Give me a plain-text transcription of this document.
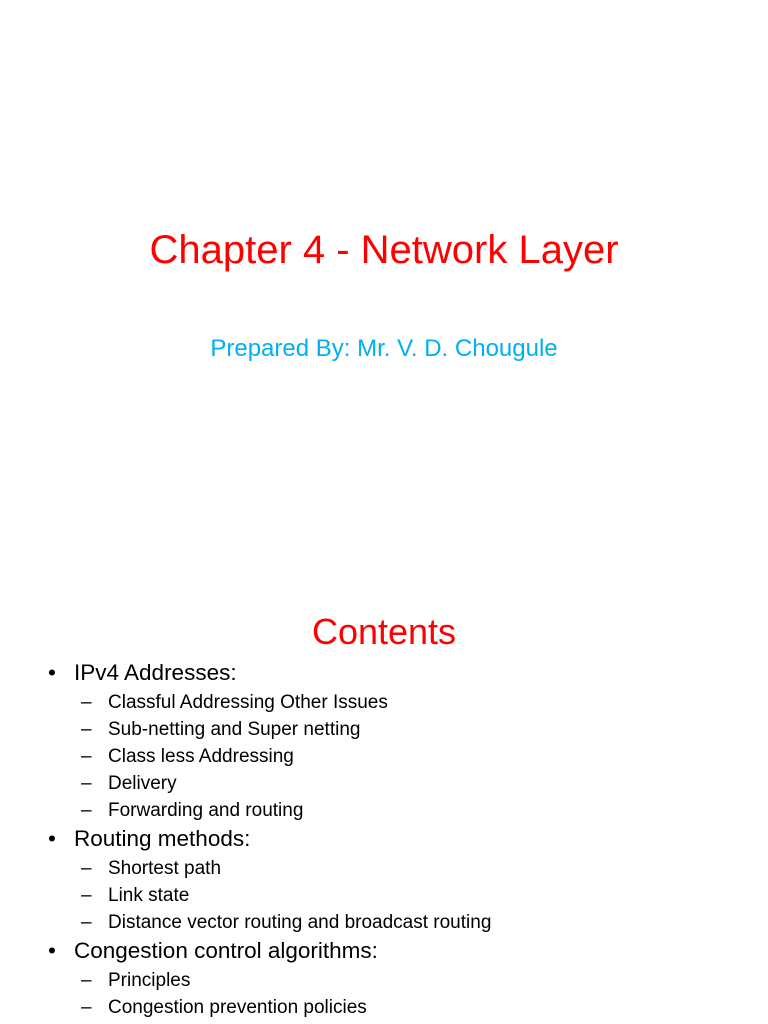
Chapter 4 - Network Layer
Prepared By: Mr. V. D. Chougule
Contents
• IPv4 Addresses:
– Classful Addressing Other Issues
– Sub-netting and Super netting
– Class less Addressing
– Delivery
– Forwarding and routing
• Routing methods:
– Shortest path
– Link state
– Distance vector routing and broadcast routing
• Congestion control algorithms:
– Principles
– Congestion prevention policies
